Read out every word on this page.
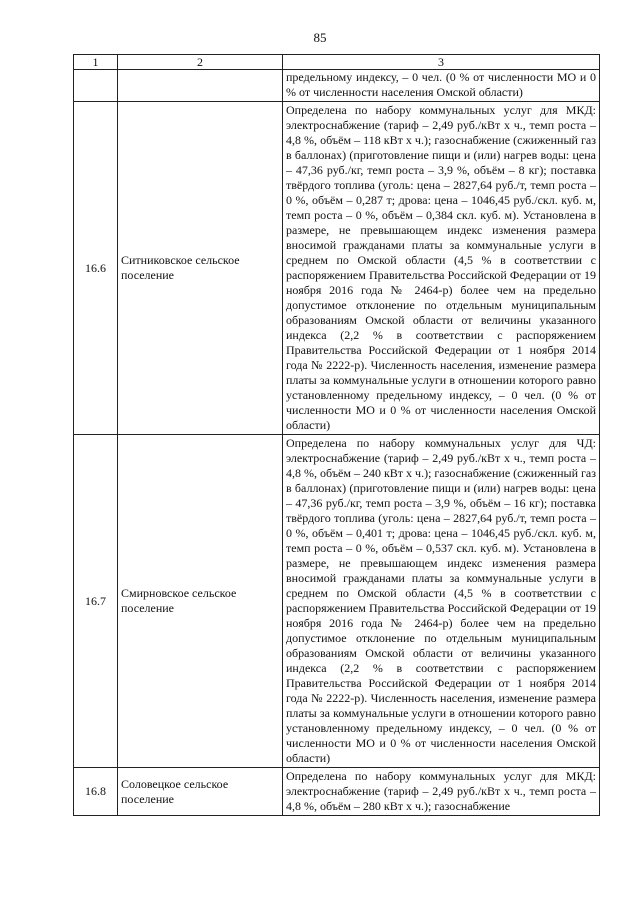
85
1	2	3
		предельному индексу, – 0 чел. (0 % от численности МО и 0 % от численности населения Омской области)
16.6	Ситниковское сельское поселение	Определена по набору коммунальных услуг для МКД: электроснабжение (тариф – 2,49 руб./кВт х ч., темп роста – 4,8 %, объём – 118 кВт х ч.); газоснабжение (сжиженный газ в баллонах) (приготовление пищи и (или) нагрев воды: цена – 47,36 руб./кг, темп роста – 3,9 %, объём – 8 кг); поставка твёрдого топлива (уголь: цена – 2827,64 руб./т, темп роста – 0 %, объём – 0,287 т; дрова: цена – 1046,45 руб./скл. куб. м, темп роста – 0 %, объём – 0,384 скл. куб. м). Установлена в размере, не превышающем индекс изменения размера вносимой гражданами платы за коммунальные услуги в среднем по Омской области (4,5 % в соответствии с распоряжением Правительства Российской Федерации от 19 ноября 2016 года № 2464-р) более чем на предельно допустимое отклонение по отдельным муниципальным образованиям Омской области от величины указанного индекса (2,2 % в соответствии с распоряжением Правительства Российской Федерации от 1 ноября 2014 года № 2222-р). Численность населения, изменение размера платы за коммунальные услуги в отношении которого равно установленному предельному индексу, – 0 чел. (0 % от численности МО и 0 % от численности населения Омской области)
16.7	Смирновское сельское поселение	Определена по набору коммунальных услуг для ЧД: электроснабжение (тариф – 2,49 руб./кВт х ч., темп роста – 4,8 %, объём – 240 кВт х ч.); газоснабжение (сжиженный газ в баллонах) (приготовление пищи и (или) нагрев воды: цена – 47,36 руб./кг, темп роста – 3,9 %, объём – 16 кг); поставка твёрдого топлива (уголь: цена – 2827,64 руб./т, темп роста – 0 %, объём – 0,401 т; дрова: цена – 1046,45 руб./скл. куб. м, темп роста – 0 %, объём – 0,537 скл. куб. м). Установлена в размере, не превышающем индекс изменения размера вносимой гражданами платы за коммунальные услуги в среднем по Омской области (4,5 % в соответствии с распоряжением Правительства Российской Федерации от 19 ноября 2016 года № 2464-р) более чем на предельно допустимое отклонение по отдельным муниципальным образованиям Омской области от величины указанного индекса (2,2 % в соответствии с распоряжением Правительства Российской Федерации от 1 ноября 2014 года № 2222-р). Численность населения, изменение размера платы за коммунальные услуги в отношении которого равно установленному предельному индексу, – 0 чел. (0 % от численности МО и 0 % от численности населения Омской области)
16.8	Соловецкое сельское поселение	Определена по набору коммунальных услуг для МКД: электроснабжение (тариф – 2,49 руб./кВт х ч., темп роста – 4,8 %, объём – 280 кВт х ч.); газоснабжение
